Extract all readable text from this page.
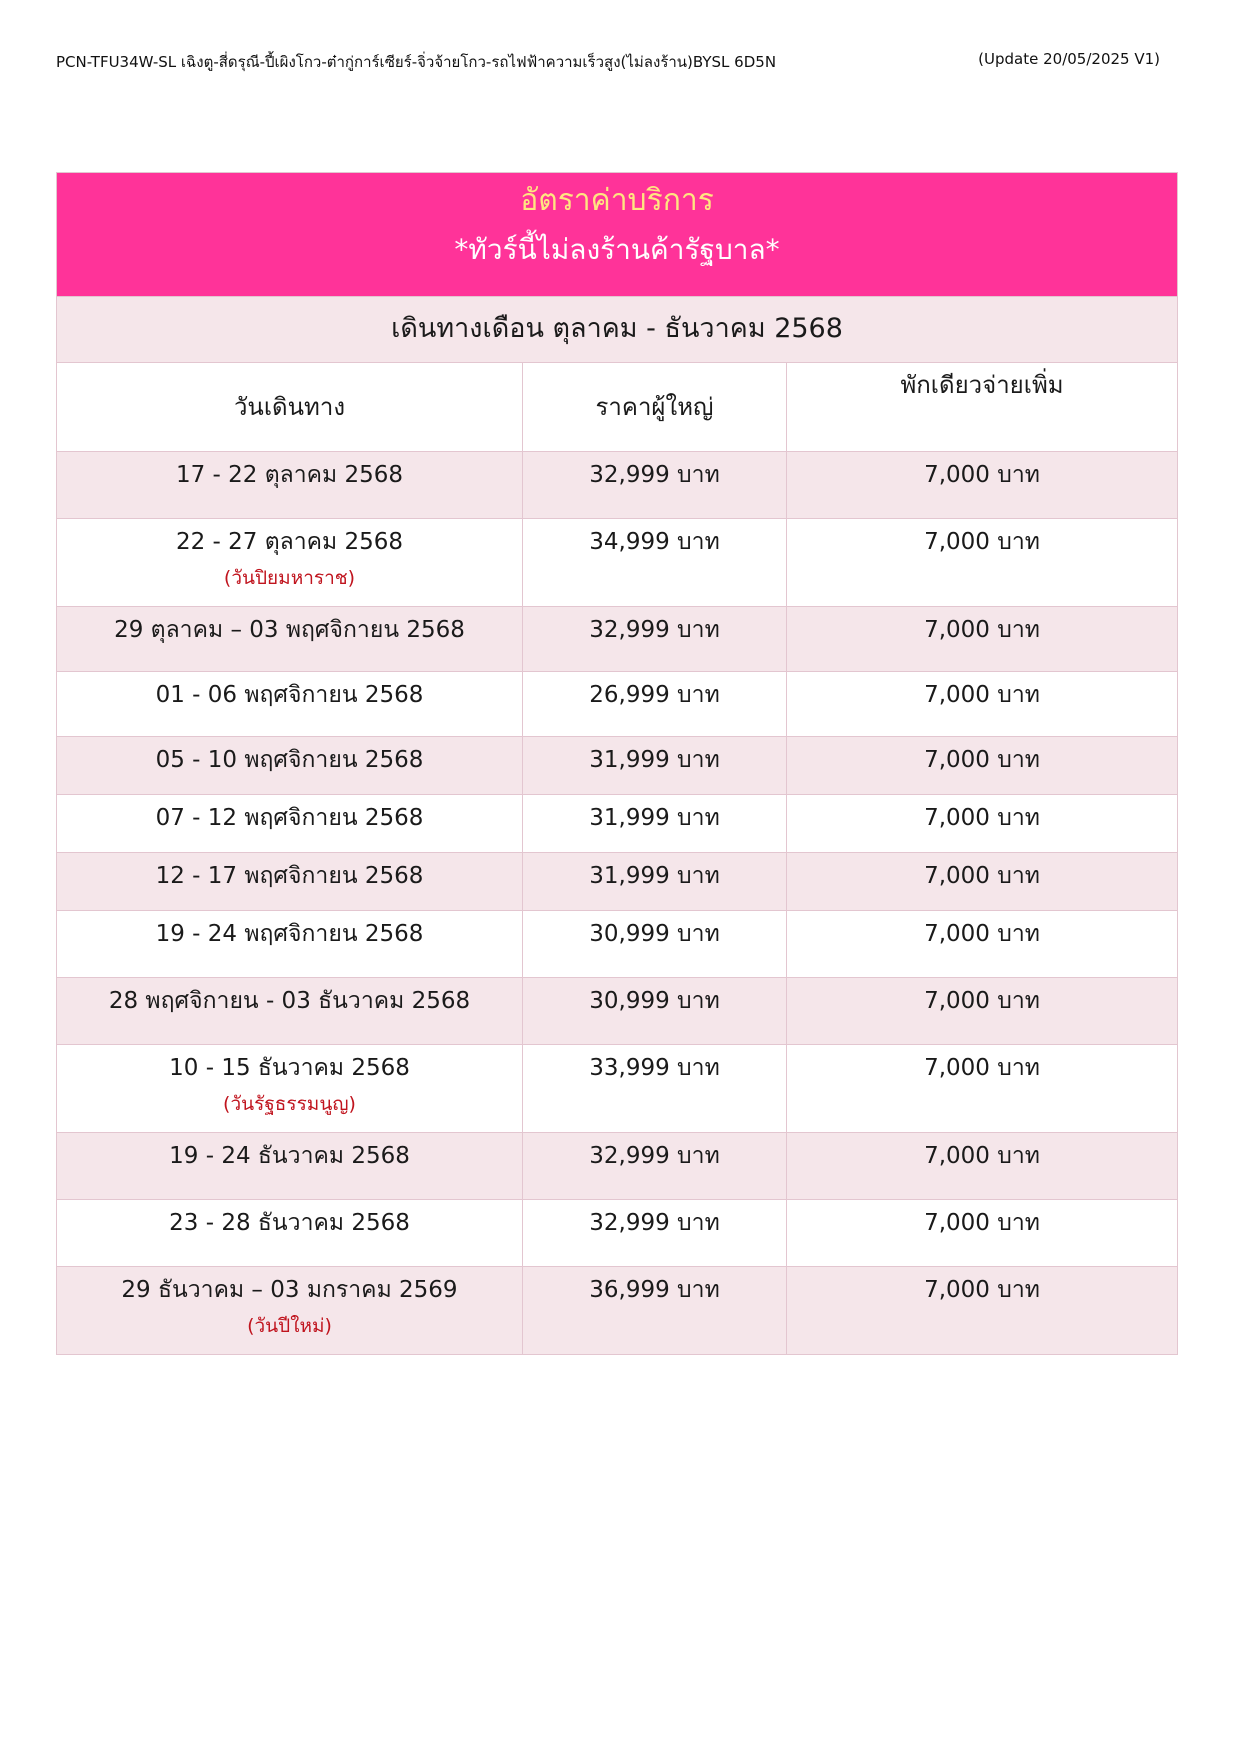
PCN-TFU34W-SL เฉิงตู-สี่ดรุณี-ปี้เผิงโกว-ต๋ากู่การ์เซียร์-จิ่วจ้ายโกว-รถไฟฟ้าความเร็วสูง(ไม่ลงร้าน)BYSL 6D5N	(Update 20/05/2025 V1)
อัตราค่าบริการ
*ทัวร์นี้ไม่ลงร้านค้ารัฐบาล*		

เดินทางเดือน ตุลาคม - ธันวาคม 2568		
วันเดินทาง	ราคาผู้ใหญ่	พักเดียวจ่ายเพิ่ม

17 - 22 ตุลาคม 2568	32,999 บาท	7,000 บาท

22 - 27 ตุลาคม 2568
(วันปิยมหาราช)	34,999 บาท	7,000 บาท

29 ตุลาคม – 03 พฤศจิกายน 2568	32,999 บาท	7,000 บาท

01 - 06 พฤศจิกายน 2568	26,999 บาท	7,000 บาท

05 - 10 พฤศจิกายน 2568	31,999 บาท	7,000 บาท

07 - 12 พฤศจิกายน 2568	31,999 บาท	7,000 บาท

12 - 17 พฤศจิกายน 2568	31,999 บาท	7,000 บาท

19 - 24 พฤศจิกายน 2568	30,999 บาท	7,000 บาท

28 พฤศจิกายน - 03 ธันวาคม 2568	30,999 บาท	7,000 บาท

10 - 15 ธันวาคม 2568
(วันรัฐธรรมนูญ)	33,999 บาท	7,000 บาท

19 - 24 ธันวาคม 2568	32,999 บาท	7,000 บาท

23 - 28 ธันวาคม 2568	32,999 บาท	7,000 บาท

29 ธันวาคม – 03 มกราคม 2569
(วันปีใหม่)	36,999 บาท	7,000 บาท
